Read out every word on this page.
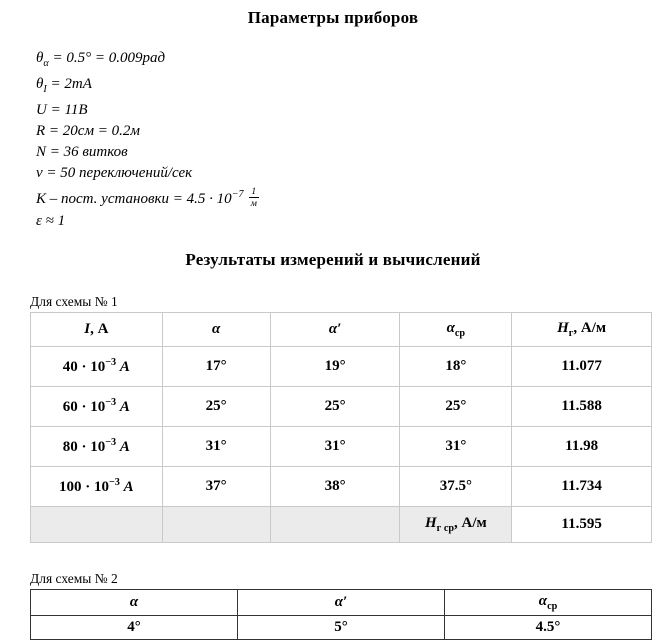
Параметры приборов

$\theta_\alpha = 0.5^\circ = 0.009рад$

$\theta_I = 2mA$

U = 11В

R = 20см = 0.2м

N = 36 витков

ν = 50 переключений/сек

K – пост. установки = $4.5 \cdot 10^{-7} \frac{1}{м}$

ε ≈ 1

Результаты измерений и вычислений

Для схемы № 1

I, А	α	α′	$\alpha_{ср}$	$H_г$, А/м
$40 \cdot 10^{-3}$ A	17°	19°	18°	11.077
$60 \cdot 10^{-3}$ A	25°	25°	25°	11.588
$80 \cdot 10^{-3}$ A	31°	31°	31°	11.98
$100 \cdot 10^{-3}$ A	37°	38°	37.5°	11.734
			$H_{г ср}$, А/м	11.595

Для схемы № 2

α	α′	$\alpha_{ср}$
4°	5°	4.5°
